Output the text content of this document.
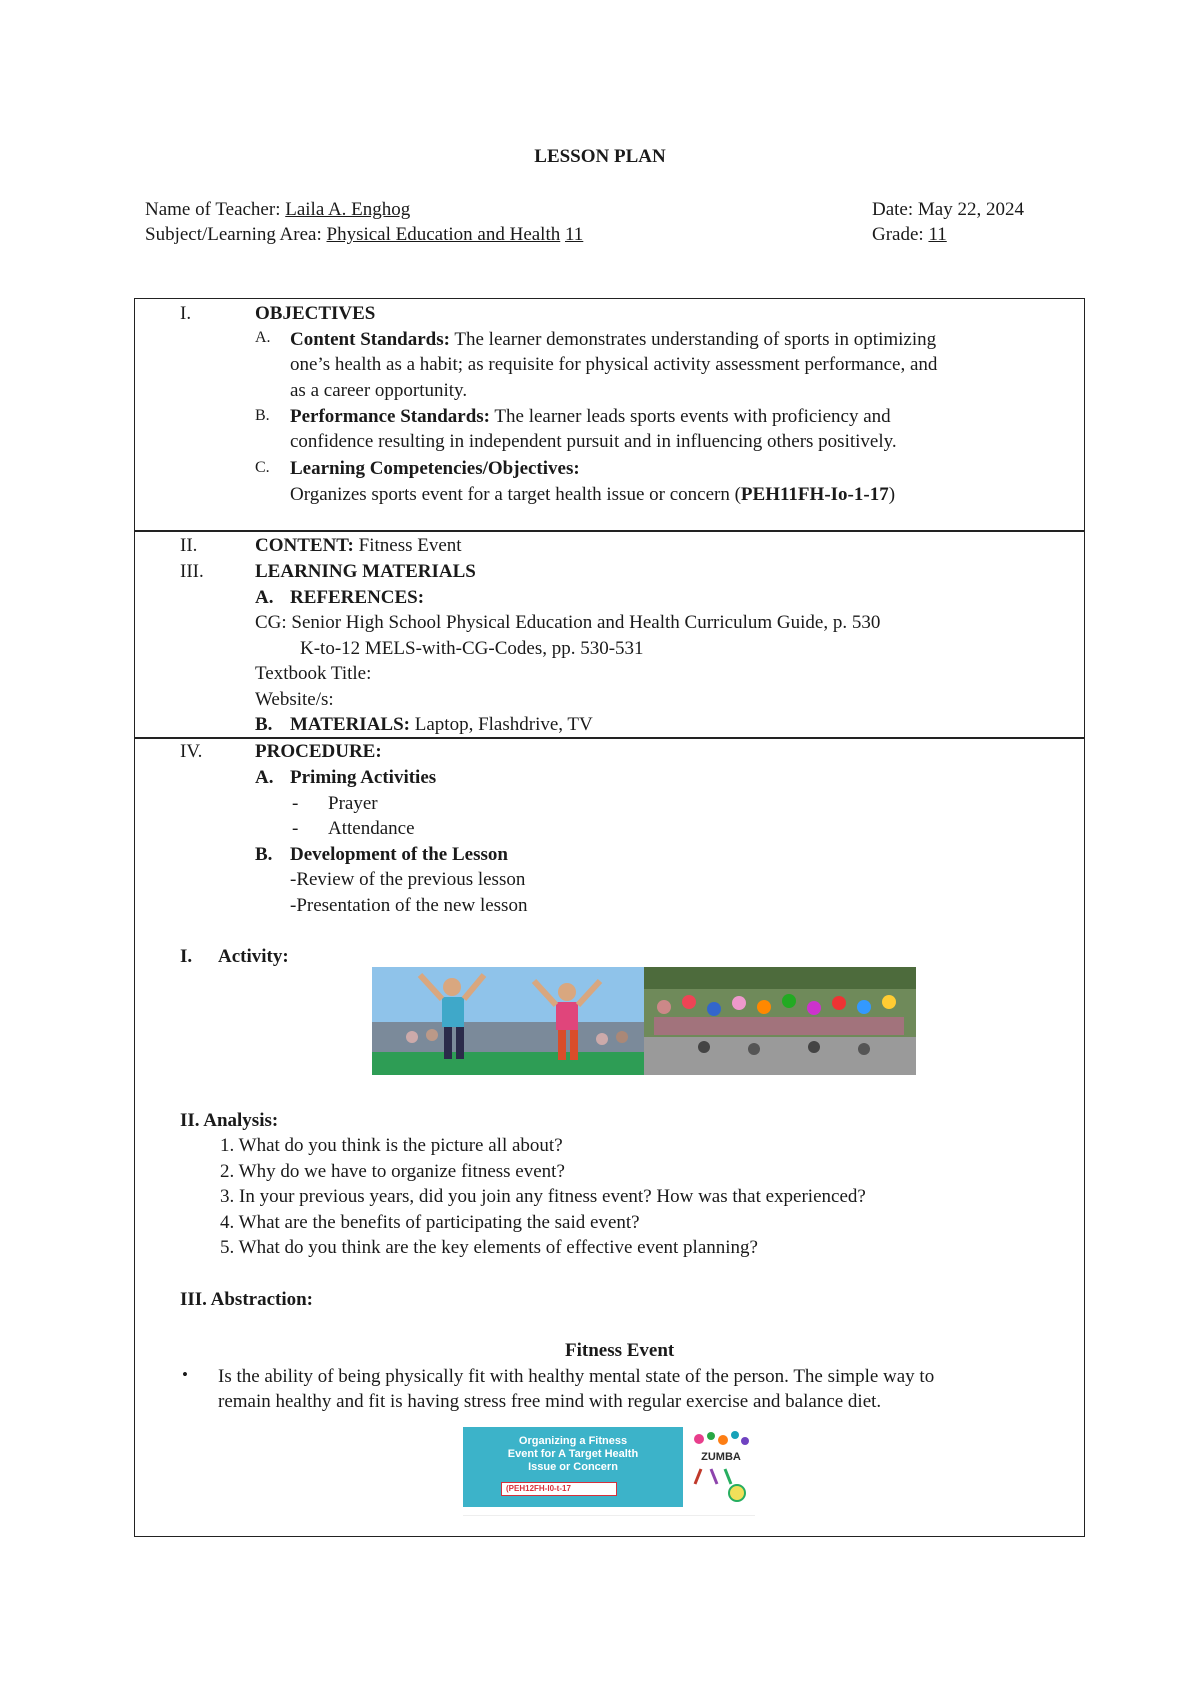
LESSON PLAN
Name of Teacher: Laila A. Enghog
Subject/Learning Area: Physical Education and Health 11
Date: May 22, 2024
Grade: 11
I.	OBJECTIVES
A. Content Standards: The learner demonstrates understanding of sports in optimizing
one’s health as a habit; as requisite for physical activity assessment performance, and
as a career opportunity.
B. Performance Standards: The learner leads sports events with proficiency and
confidence resulting in independent pursuit and in influencing others positively.
C. Learning Competencies/Objectives:
Organizes sports event for a target health issue or concern (PEH11FH-Io-1-17)
II.	CONTENT: Fitness Event
III.	LEARNING MATERIALS
A. REFERENCES:
CG: Senior High School Physical Education and Health Curriculum Guide, p. 530
K-to-12 MELS-with-CG-Codes, pp. 530-531
Textbook Title:
Website/s:
B. MATERIALS: Laptop, Flashdrive, TV
IV.	PROCEDURE:
A. Priming Activities
- Prayer
- Attendance
B. Development of the Lesson
-Review of the previous lesson
-Presentation of the new lesson
I. Activity:
II. Analysis:
1. What do you think is the picture all about?
2. Why do we have to organize fitness event?
3. In your previous years, did you join any fitness event? How was that experienced?
4. What are the benefits of participating the said event?
5. What do you think are the key elements of effective event planning?
III. Abstraction:
Fitness Event
• Is the ability of being physically fit with healthy mental state of the person. The simple way to
remain healthy and fit is having stress free mind with regular exercise and balance diet.
Organizing a Fitness
Event for A Target Health
Issue or Concern
(PEH12FH-I0-t-17
ZUMBA
